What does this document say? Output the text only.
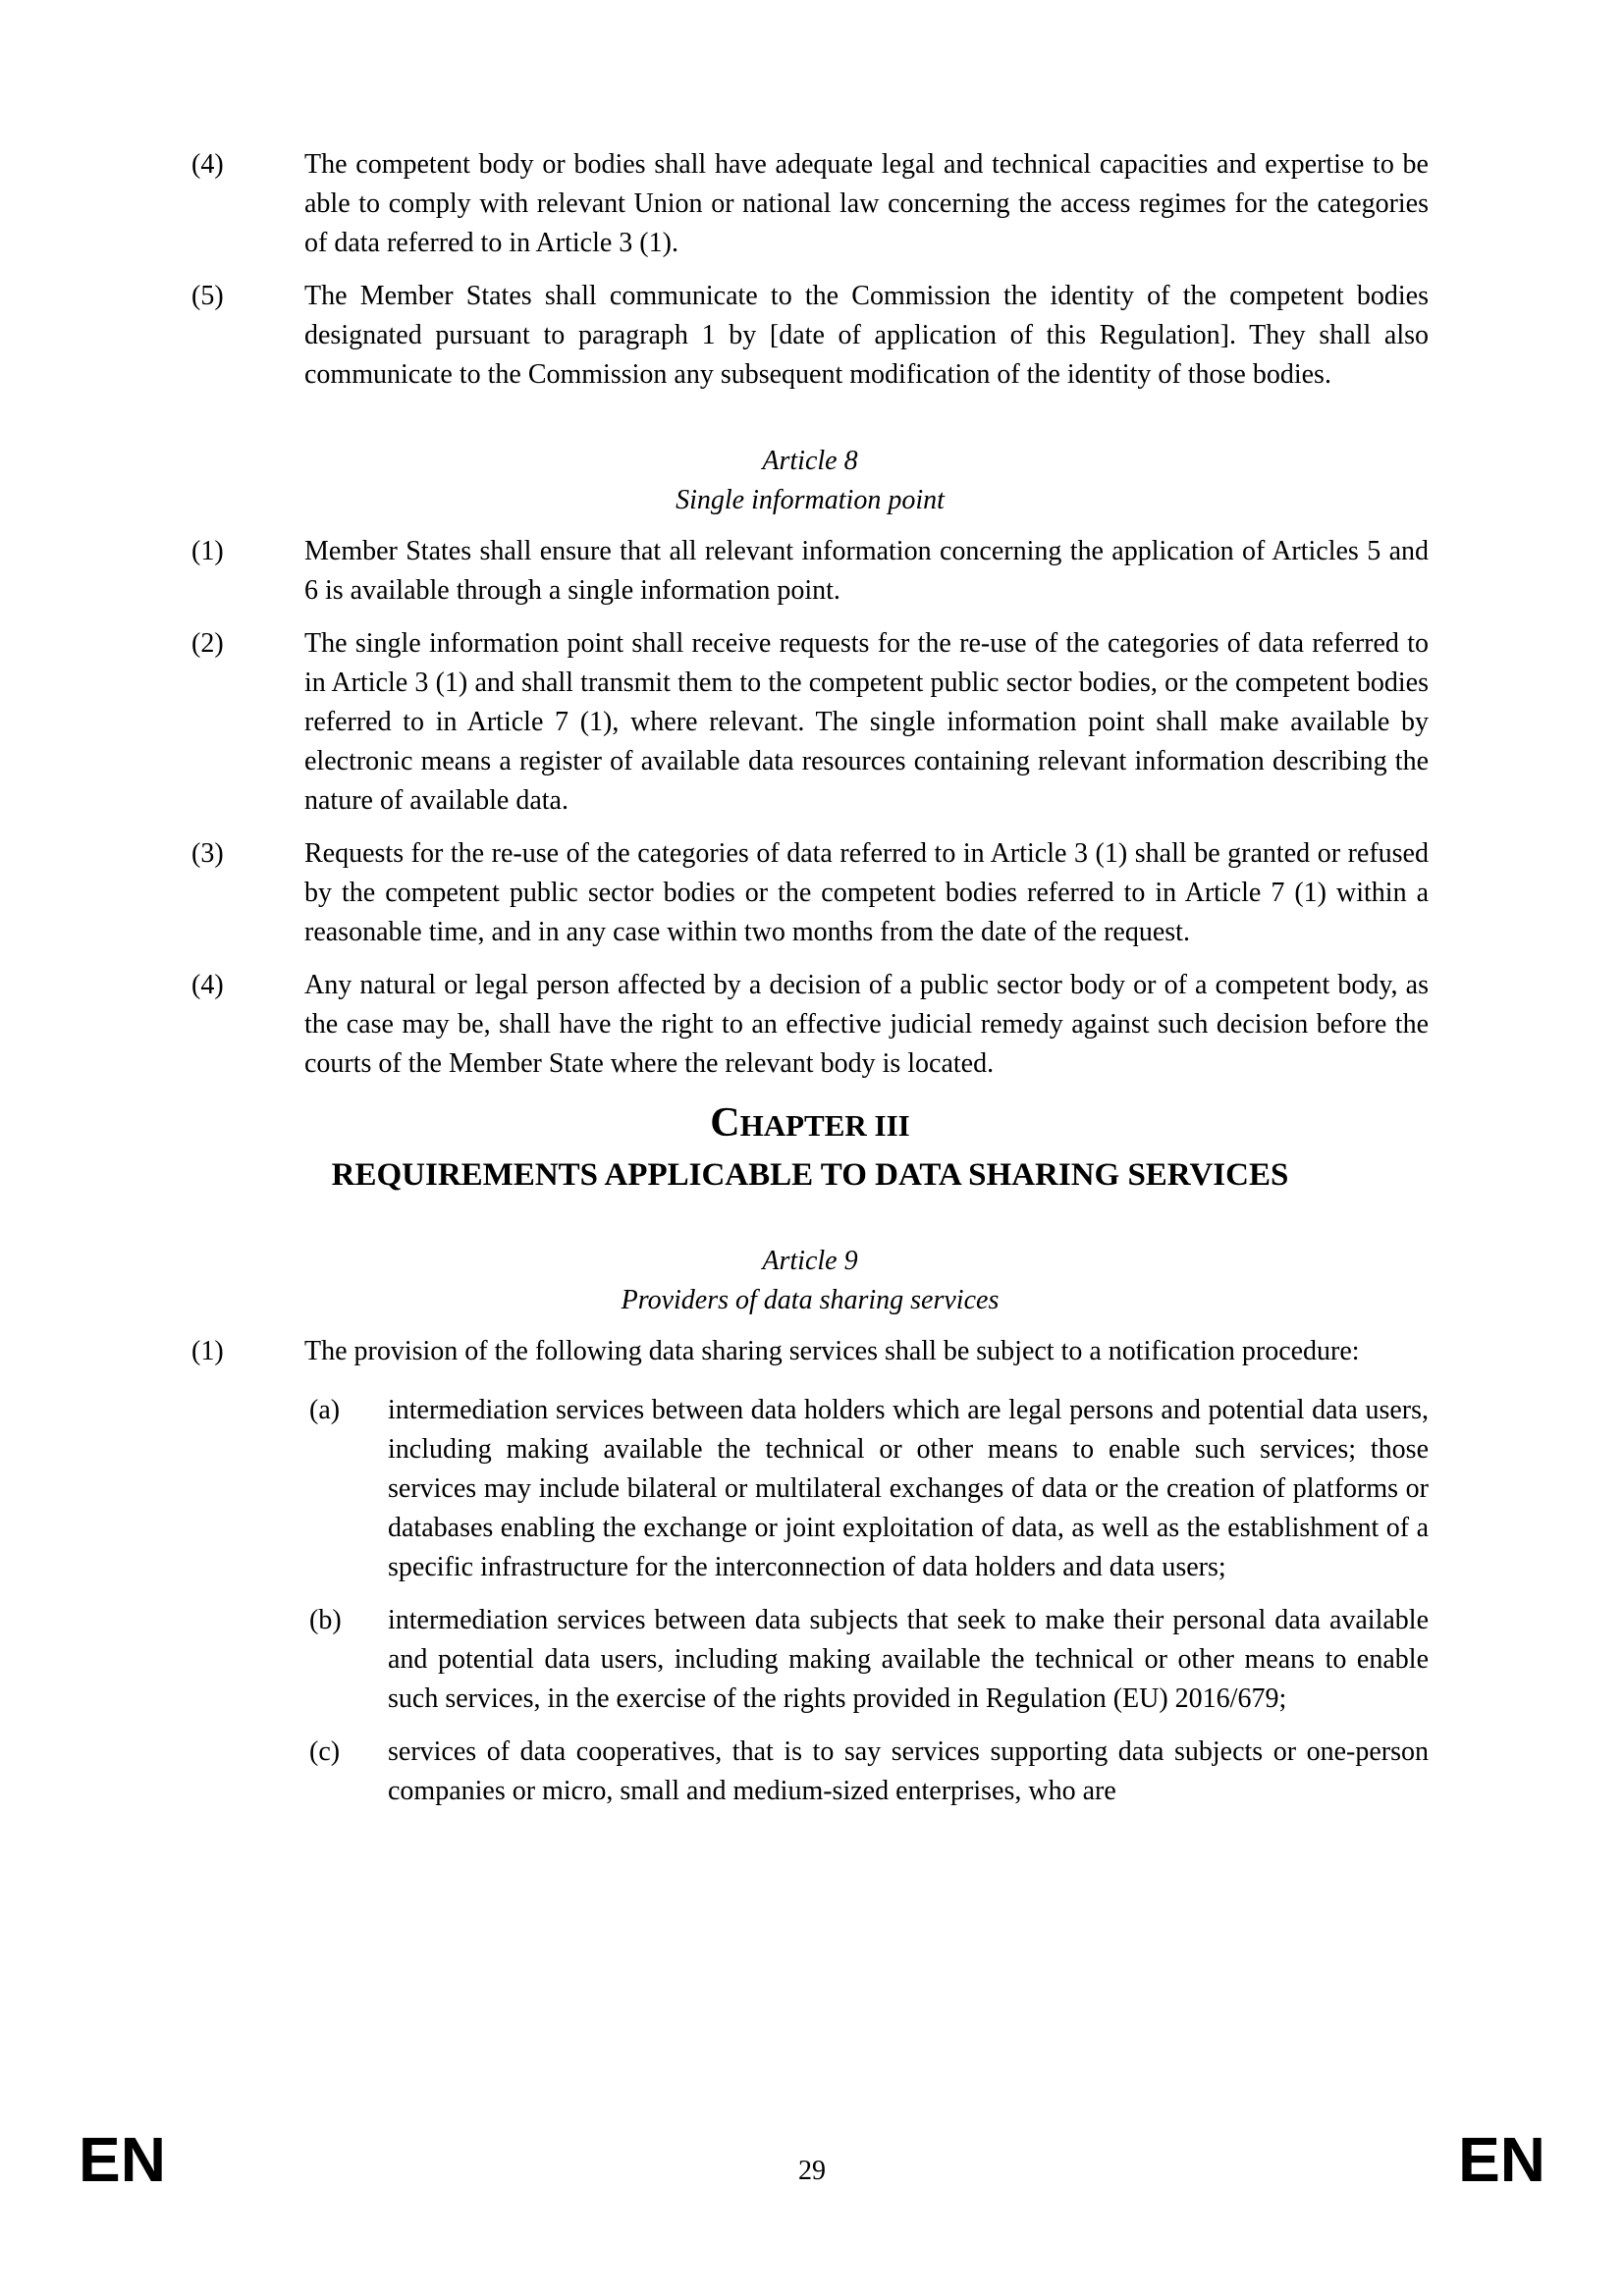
(4)	The competent body or bodies shall have adequate legal and technical capacities and expertise to be able to comply with relevant Union or national law concerning the access regimes for the categories of data referred to in Article 3 (1).
(5)	The Member States shall communicate to the Commission the identity of the competent bodies designated pursuant to paragraph 1 by [date of application of this Regulation]. They shall also communicate to the Commission any subsequent modification of the identity of those bodies.
Article 8
Single information point
(1)	Member States shall ensure that all relevant information concerning the application of Articles 5 and 6 is available through a single information point.
(2)	The single information point shall receive requests for the re-use of the categories of data referred to in Article 3 (1) and shall transmit them to the competent public sector bodies, or the competent bodies referred to in Article 7 (1), where relevant. The single information point shall make available by electronic means a register of available data resources containing relevant information describing the nature of available data.
(3)	Requests for the re-use of the categories of data referred to in Article 3 (1) shall be granted or refused by the competent public sector bodies or the competent bodies referred to in Article 7 (1) within a reasonable time, and in any case within two months from the date of the request.
(4)	Any natural or legal person affected by a decision of a public sector body or of a competent body, as the case may be, shall have the right to an effective judicial remedy against such decision before the courts of the Member State where the relevant body is located.
CHAPTER III
REQUIREMENTS APPLICABLE TO DATA SHARING SERVICES
Article 9
Providers of data sharing services
(1)	The provision of the following data sharing services shall be subject to a notification procedure:
(a)	intermediation services between data holders which are legal persons and potential data users, including making available the technical or other means to enable such services; those services may include bilateral or multilateral exchanges of data or the creation of platforms or databases enabling the exchange or joint exploitation of data, as well as the establishment of a specific infrastructure for the interconnection of data holders and data users;
(b)	intermediation services between data subjects that seek to make their personal data available and potential data users, including making available the technical or other means to enable such services, in the exercise of the rights provided in Regulation (EU) 2016/679;
(c)	services of data cooperatives, that is to say services supporting data subjects or one-person companies or micro, small and medium-sized enterprises, who are
EN	29	EN
